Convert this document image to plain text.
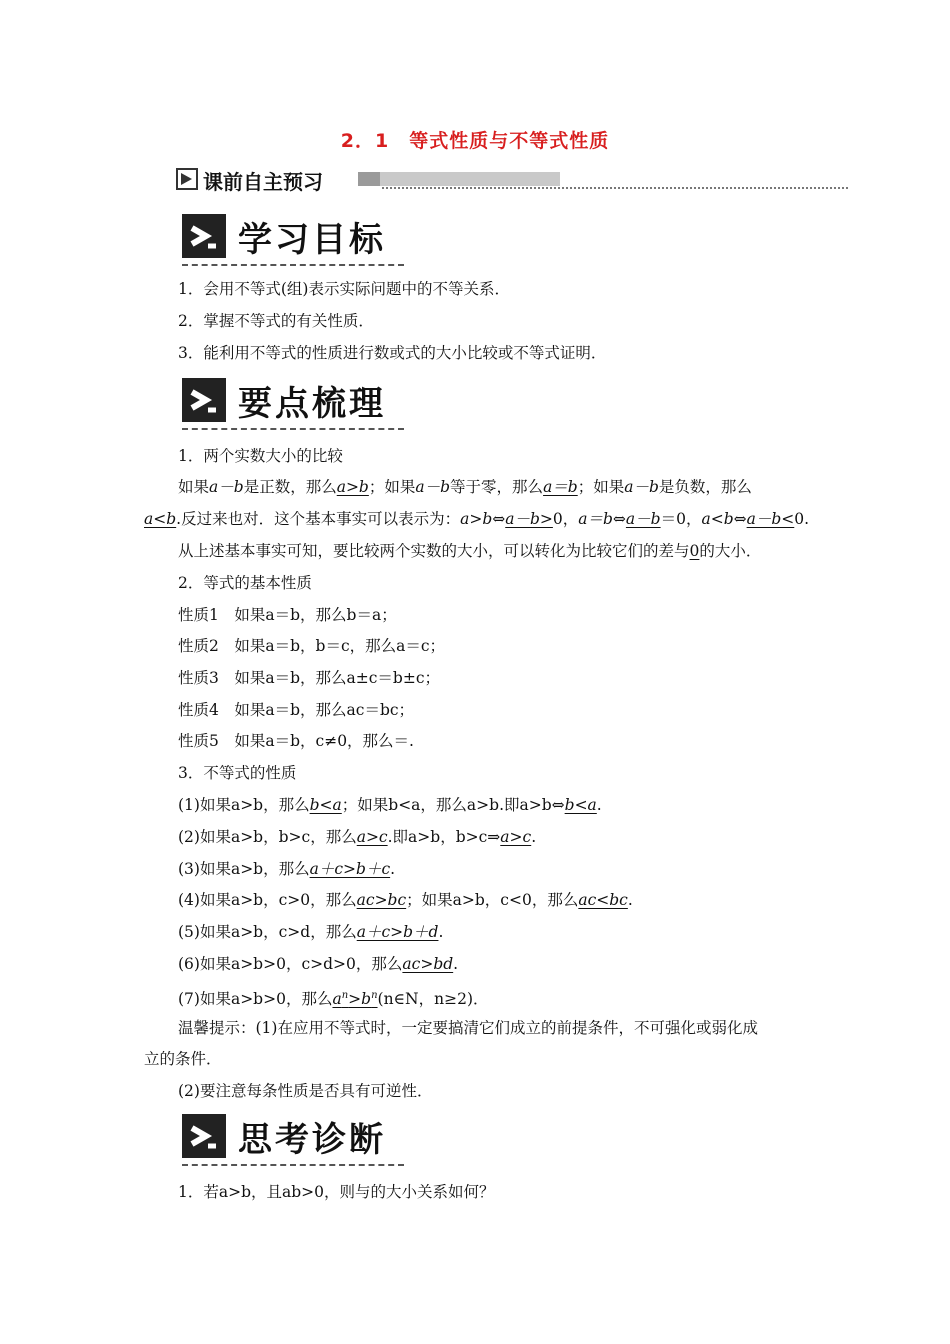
2．1　等式性质与不等式性质
课前自主预习
学习目标
1．会用不等式(组)表示实际问题中的不等关系．
2．掌握不等式的有关性质．
3．能利用不等式的性质进行数或式的大小比较或不等式证明．
要点梳理
1．两个实数大小的比较
如果a－b是正数，那么a>b；如果a－b等于零，那么a＝b；如果a－b是负数，那么
a<b.反过来也对．这个基本事实可以表示为：a>b⇔a－b>0，a＝b⇔a－b＝0，a<b⇔a－b<0.
从上述基本事实可知，要比较两个实数的大小，可以转化为比较它们的差与0的大小．
2．等式的基本性质
性质1　如果a＝b，那么b＝a；
性质2　如果a＝b，b＝c，那么a＝c；
性质3　如果a＝b，那么a±c＝b±c；
性质4　如果a＝b，那么ac＝bc；
性质5　如果a＝b，c≠0，那么＝.
3．不等式的性质
(1)如果a>b，那么b<a；如果b<a，那么a>b.即a>b⇔b<a.
(2)如果a>b，b>c，那么a>c.即a>b，b>c⇒a>c.
(3)如果a>b，那么a＋c>b＋c.
(4)如果a>b，c>0，那么ac>bc；如果a>b，c<0，那么ac<bc.
(5)如果a>b，c>d，那么a＋c>b＋d.
(6)如果a>b>0，c>d>0，那么ac>bd.
(7)如果a>b>0，那么$a^n>b^n(n\in N$，n≥2)．
温馨提示：(1)在应用不等式时，一定要搞清它们成立的前提条件，不可强化或弱化成
立的条件．
(2)要注意每条性质是否具有可逆性．
思考诊断
1．若a>b，且ab>0，则与的大小关系如何？
